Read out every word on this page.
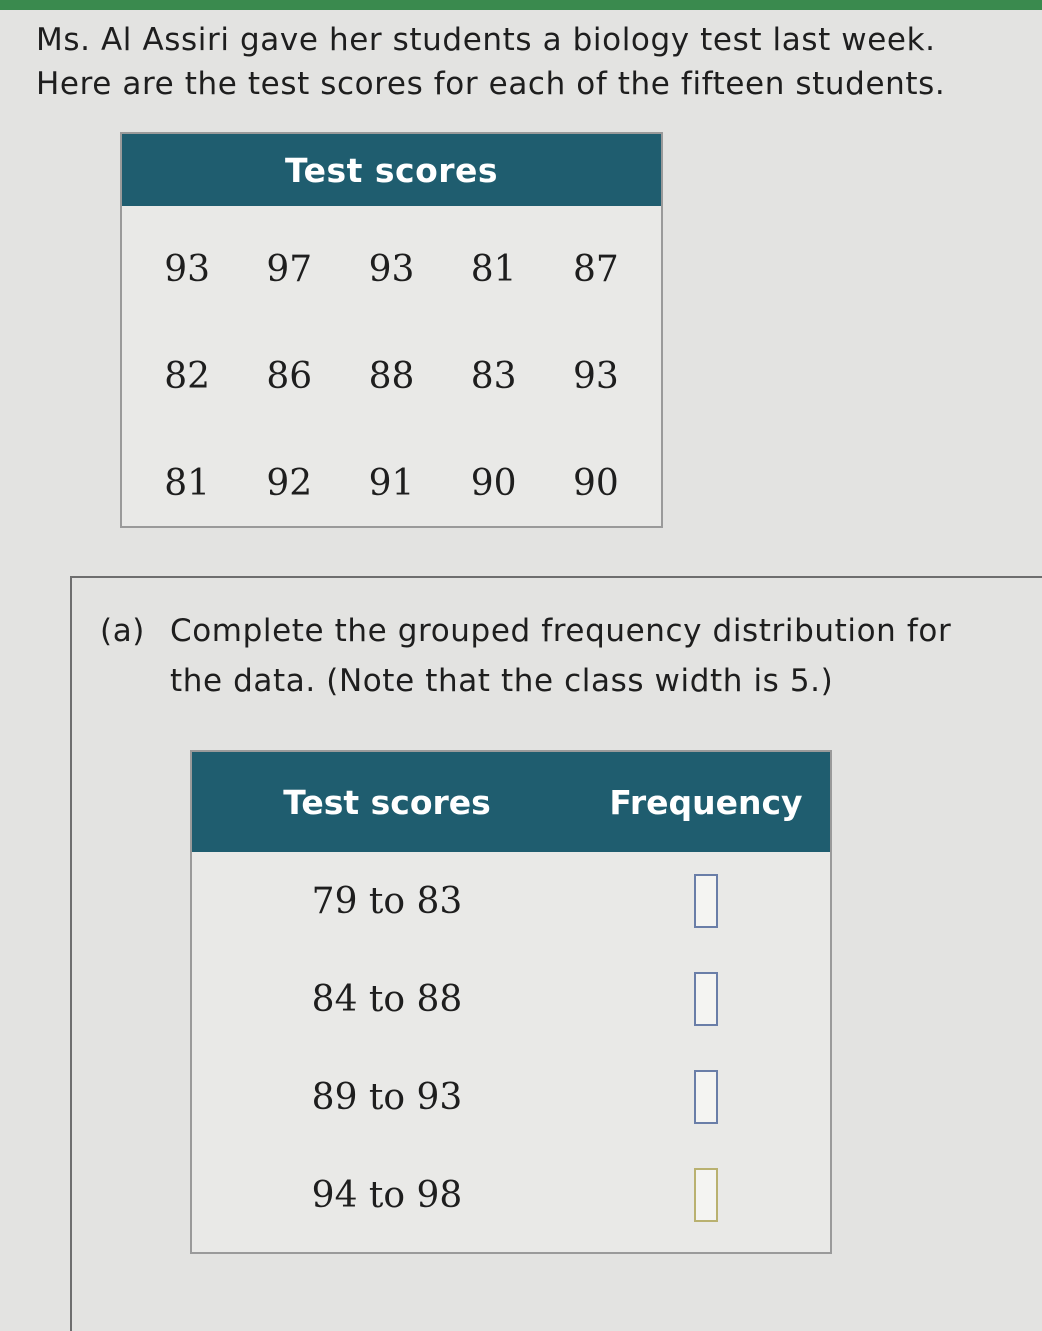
Ms. Al Assiri gave her students a biology test last week.

Here are the test scores for each of the fifteen students.

Test scores
93	97	93	81	87
82	86	88	83	93
81	92	91	90	90
(a) Complete the grouped frequency distribution for
the data. (Note that the class width is 5.)
Test scores	Frequency
79 to 83
84 to 88
89 to 93
94 to 98
